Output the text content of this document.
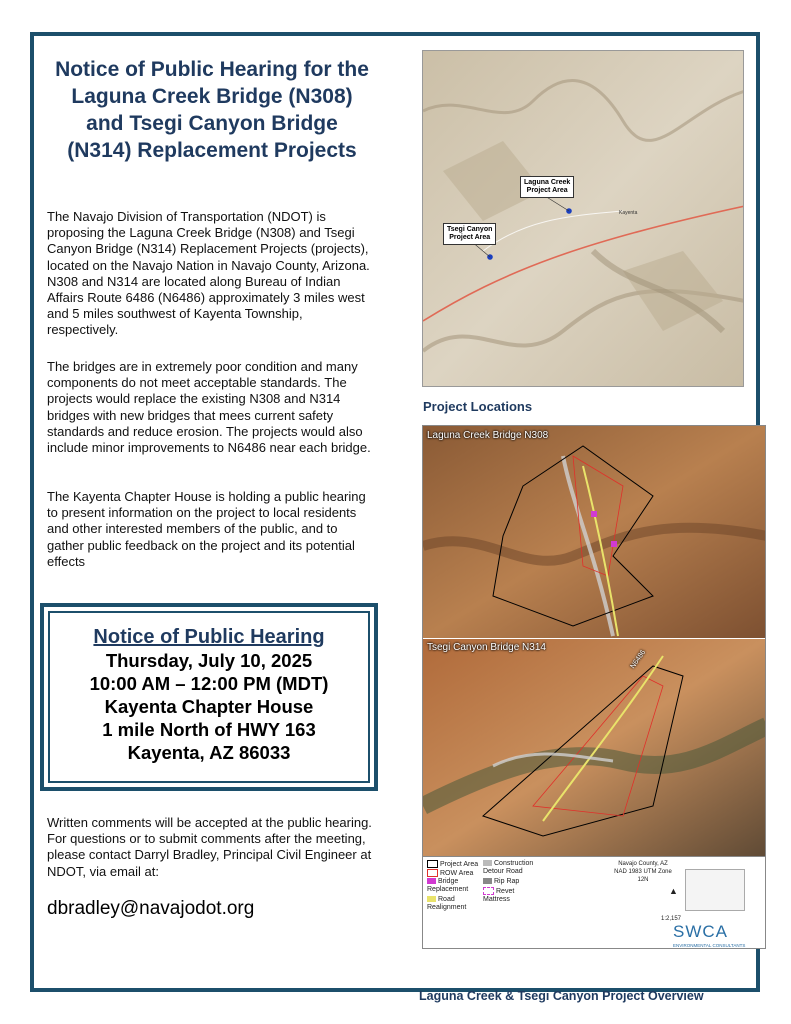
Notice of Public Hearing for the Laguna Creek Bridge (N308) and Tsegi Canyon Bridge (N314) Replacement Projects
The Navajo Division of Transportation (NDOT) is proposing the Laguna Creek Bridge (N308) and Tsegi Canyon Bridge (N314) Replacement Projects (projects), located on the Navajo Nation in Navajo County, Arizona. N308 and N314 are located along Bureau of Indian Affairs Route 6486 (N6486) approximately 3 miles west and 5 miles southwest of Kayenta Township, respectively.
The bridges are in extremely poor condition and many components do not meet acceptable standards. The projects would replace the existing N308 and N314 bridges with new bridges that mees current safety standards and reduce erosion. The projects would also include minor improvements to N6486 near each bridge.
The Kayenta Chapter House is holding a public hearing to present information on the project to local residents and other interested members of the public, and to gather public feedback on the project and its potential effects
Notice of Public Hearing
Thursday, July 10, 2025
10:00 AM – 12:00 PM (MDT)
Kayenta Chapter House
1 mile North of HWY 163
Kayenta, AZ 86033
Written comments will be accepted at the public hearing. For questions or to submit comments after the meeting, please contact Darryl Bradley, Principal Civil Engineer at NDOT, via email at:
dbradley@navajodot.org
Kayenta
Laguna Creek
Project Area
Tsegi Canyon
Project Area
Project Locations
Laguna Creek Bridge N308
Tsegi Canyon Bridge N314
N6486
Project Area
ROW Area
Bridge Replacement
Road Realignment
Construction Detour Road
Rip Rap
Revet Mattress
Navajo County, AZ
NAD 1983 UTM Zone 12N
▲
1:2,157
SWCA
ENVIRONMENTAL CONSULTANTS
Laguna Creek & Tsegi Canyon Project Overview
